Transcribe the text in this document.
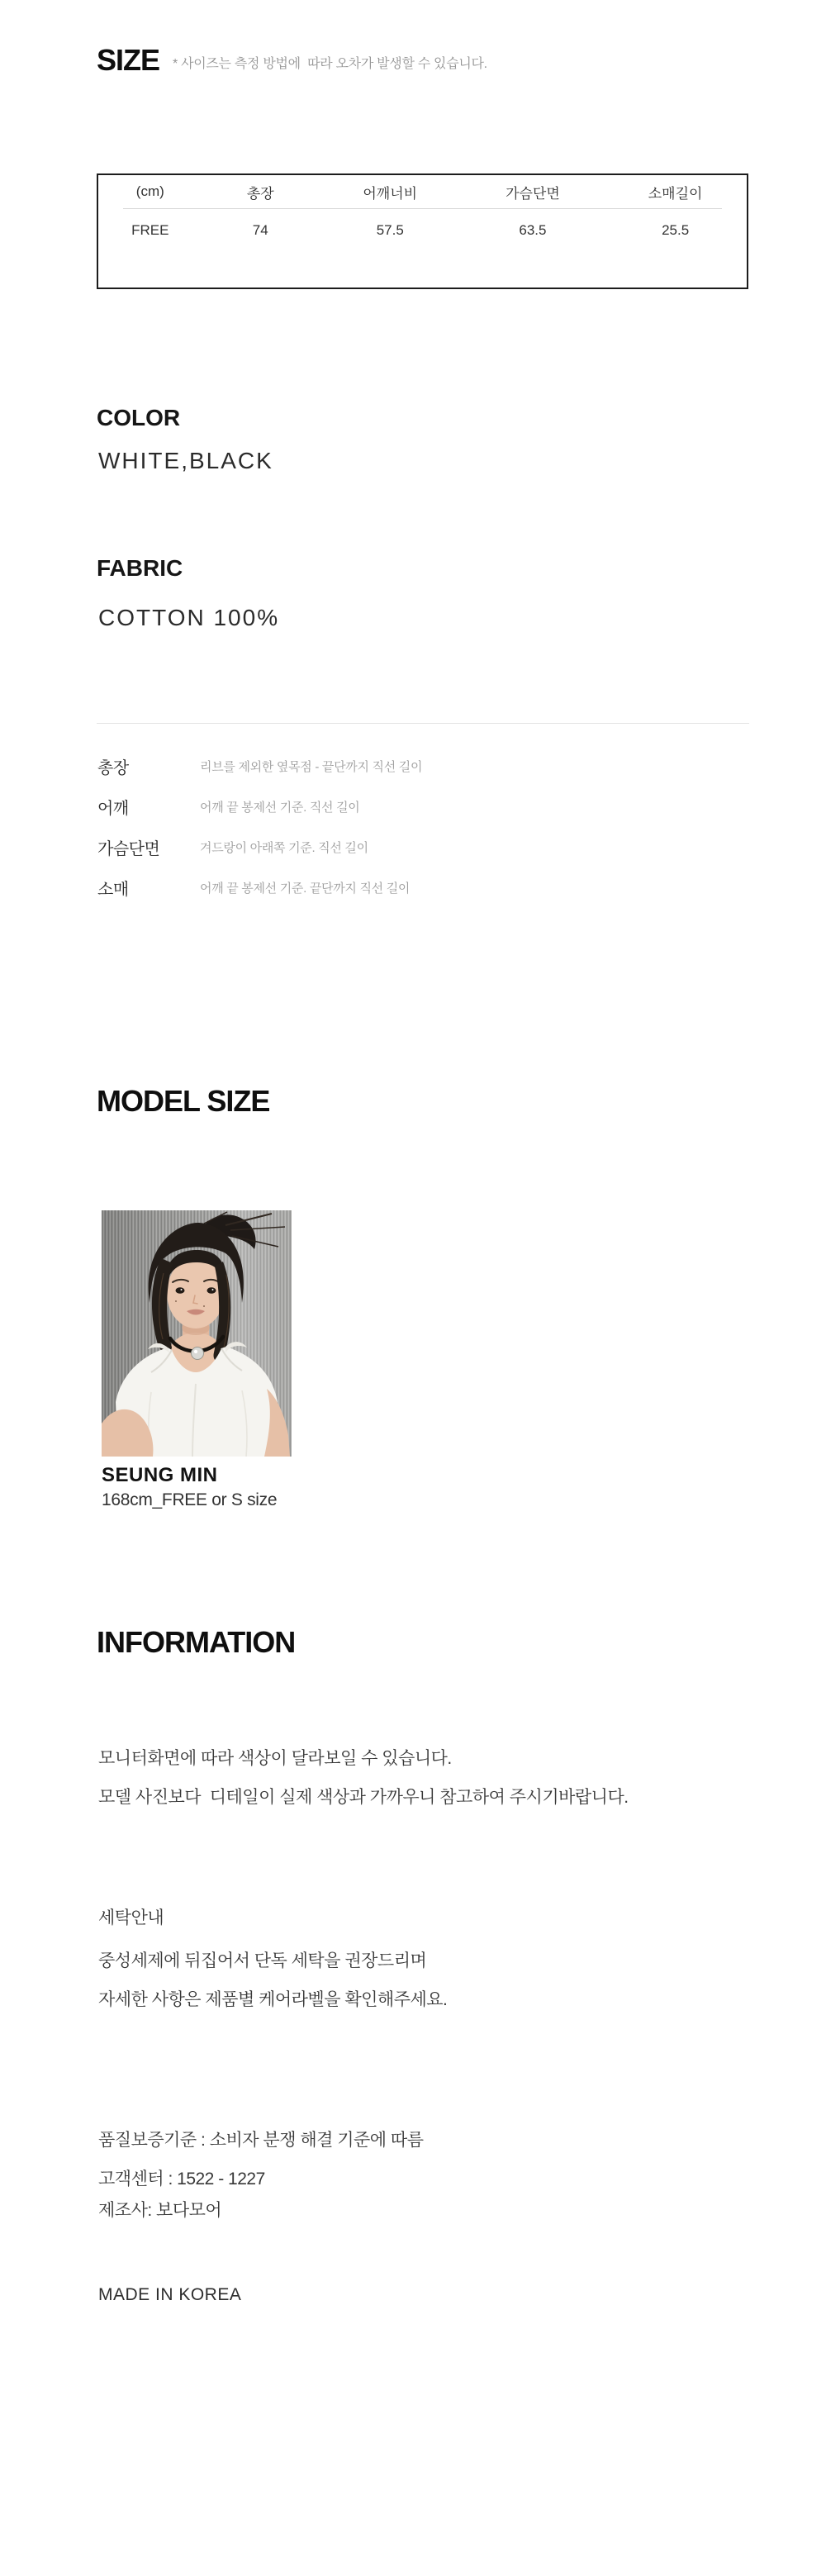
SIZE * 사이즈는 측정 방법에  따라 오차가 발생할 수 있습니다.
(cm)	총장	어깨너비	가슴단면	소매길이
FREE	74	57.5	63.5	25.5
COLOR
WHITE,BLACK
FABRIC
COTTON 100%
총장	리브를 제외한 옆목점 - 끝단까지 직선 길이
어깨	어깨 끝 봉제선 기준. 직선 길이
가슴단면	겨드랑이 아래쪽 기준. 직선 길이
소매	어깨 끝 봉제선 기준. 끝단까지 직선 길이
MODEL SIZE
SEUNG MIN
168cm_FREE or S size
INFORMATION
모니터화면에 따라 색상이 달라보일 수 있습니다.
모델 사진보다  디테일이 실제 색상과 가까우니 참고하여 주시기바랍니다.
세탁안내
중성세제에 뒤집어서 단독 세탁을 권장드리며
자세한 사항은 제품별 케어라벨을 확인해주세요.
품질보증기준 : 소비자 분쟁 해결 기준에 따름
고객센터 : 1522 - 1227
제조사: 보다모어
MADE IN KOREA
